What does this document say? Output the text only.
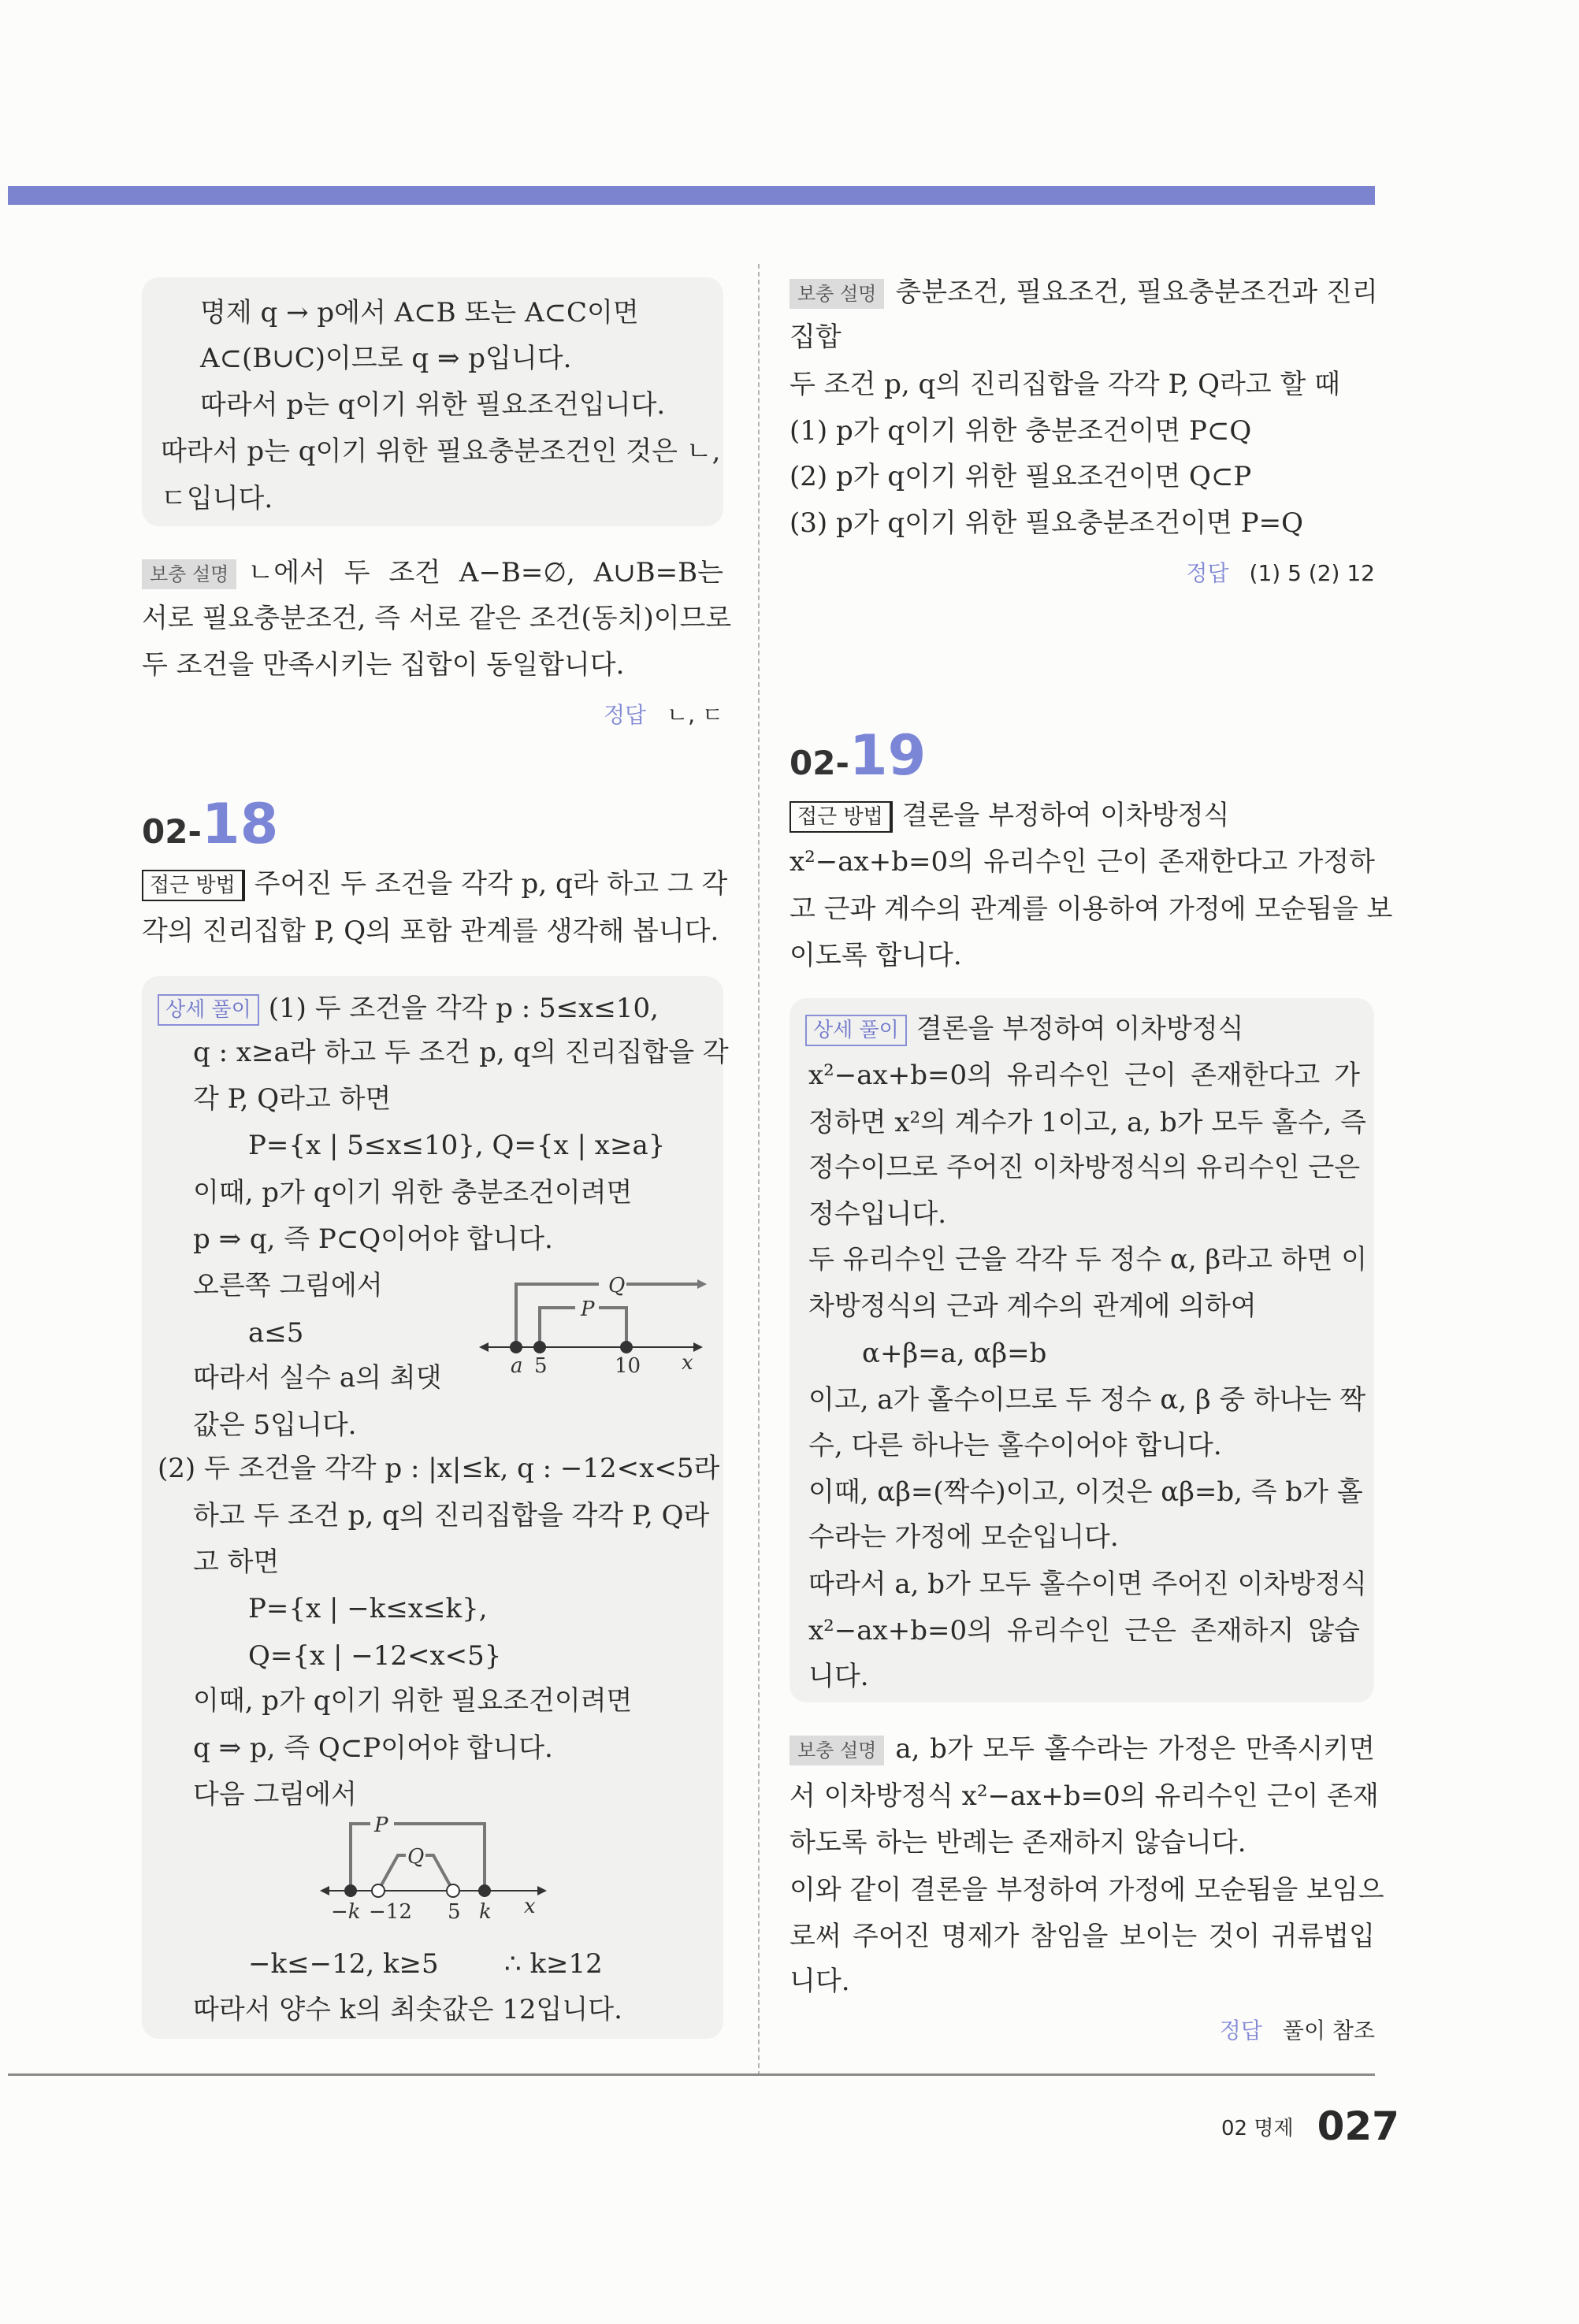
명제 q → p에서 A⊂B 또는 A⊂C이면
A⊂(B∪C)이므로 q ⇒ p입니다.
따라서 p는 q이기 위한 필요조건입니다.
따라서 p는 q이기 위한 필요충분조건인 것은 ㄴ,
ㄷ입니다.
보충 설명 ㄴ에서 두 조건 A−B=∅, A∪B=B는
서로 필요충분조건, 즉 서로 같은 조건(동치)이므로
두 조건을 만족시키는 집합이 동일합니다.
정답 ㄴ, ㄷ
02-18
접근 방법 주어진 두 조건을 각각 p, q라 하고 그 각
각의 진리집합 P, Q의 포함 관계를 생각해 봅니다.
상세 풀이 (1) 두 조건을 각각 p : 5≤x≤10,
q : x≥a라 하고 두 조건 p, q의 진리집합을 각
각 P, Q라고 하면
P={x | 5≤x≤10}, Q={x | x≥a}
이때, p가 q이기 위한 충분조건이려면
p ⇒ q, 즉 P⊂Q이어야 합니다.
오른쪽 그림에서
a≤5
따라서 실수 a의 최댓
값은 5입니다.
(2) 두 조건을 각각 p : |x|≤k, q : −12<x<5라
하고 두 조건 p, q의 진리집합을 각각 P, Q라
고 하면
P={x | −k≤x≤k},
Q={x | −12<x<5}
이때, p가 q이기 위한 필요조건이려면
q ⇒ p, 즉 Q⊂P이어야 합니다.
다음 그림에서
−k≤−12, k≥5 ∴ k≥12
따라서 양수 k의 최솟값은 12입니다.
Q
P
a 5	10 x
P
Q
−k −12 5 k x
보충 설명 충분조건, 필요조건, 필요충분조건과 진리
집합
두 조건 p, q의 진리집합을 각각 P, Q라고 할 때
(1) p가 q이기 위한 충분조건이면 P⊂Q
(2) p가 q이기 위한 필요조건이면 Q⊂P
(3) p가 q이기 위한 필요충분조건이면 P=Q
정답 (1) 5 (2) 12
02-19
접근 방법 결론을 부정하여 이차방정식
x²−ax+b=0의 유리수인 근이 존재한다고 가정하
고 근과 계수의 관계를 이용하여 가정에 모순됨을 보
이도록 합니다.
상세 풀이 결론을 부정하여 이차방정식
x²−ax+b=0의 유리수인 근이 존재한다고 가
정하면 x²의 계수가 1이고, a, b가 모두 홀수, 즉
정수이므로 주어진 이차방정식의 유리수인 근은
정수입니다.
두 유리수인 근을 각각 두 정수 α, β라고 하면 이
차방정식의 근과 계수의 관계에 의하여
α+β=a, αβ=b
이고, a가 홀수이므로 두 정수 α, β 중 하나는 짝
수, 다른 하나는 홀수이어야 합니다.
이때, αβ=(짝수)이고, 이것은 αβ=b, 즉 b가 홀
수라는 가정에 모순입니다.
따라서 a, b가 모두 홀수이면 주어진 이차방정식
x²−ax+b=0의 유리수인 근은 존재하지 않습
니다.
보충 설명 a, b가 모두 홀수라는 가정은 만족시키면
서 이차방정식 x²−ax+b=0의 유리수인 근이 존재
하도록 하는 반례는 존재하지 않습니다.
이와 같이 결론을 부정하여 가정에 모순됨을 보임으
로써 주어진 명제가 참임을 보이는 것이 귀류법입
니다.
정답 풀이 참조
02 명제 027
